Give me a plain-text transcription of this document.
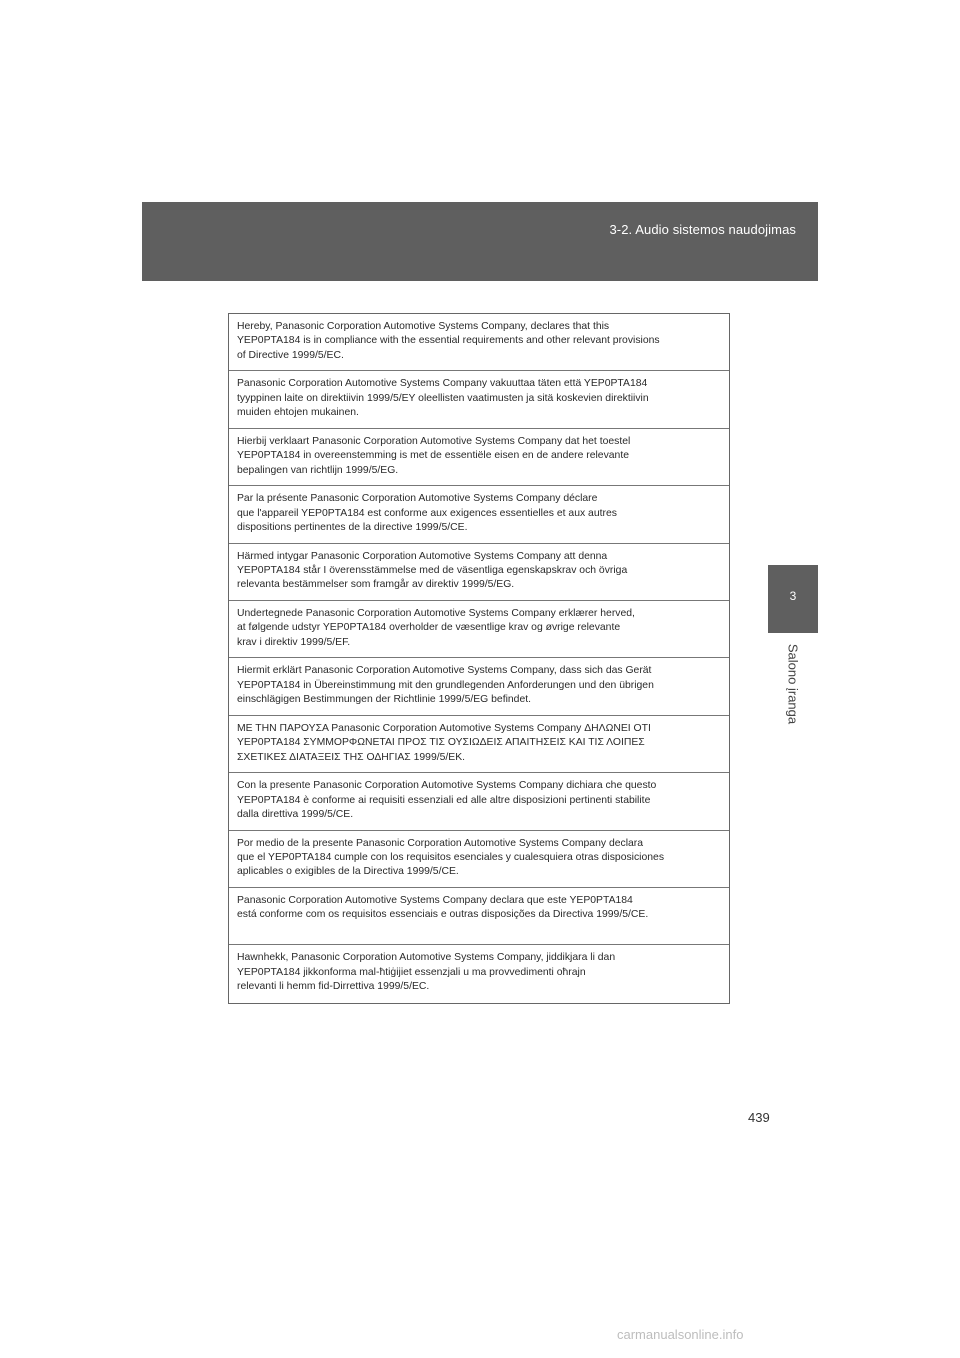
3-2. Audio sistemos naudojimas
3
Salono įranga
Hereby, Panasonic Corporation Automotive Systems Company, declares that this
YEP0PTA184 is in compliance with the essential requirements and other relevant provisions
of Directive 1999/5/EC.
Panasonic Corporation Automotive Systems Company vakuuttaa täten että YEP0PTA184
tyyppinen laite on direktiivin 1999/5/EY oleellisten vaatimusten ja sitä koskevien direktiivin
muiden ehtojen mukainen.
Hierbij verklaart Panasonic Corporation Automotive Systems Company dat het toestel
YEP0PTA184 in overeenstemming is met de essentiële eisen en de andere relevante
bepalingen van richtlijn 1999/5/EG.
Par la présente Panasonic Corporation Automotive Systems Company déclare
que l'appareil YEP0PTA184 est conforme aux exigences essentielles et aux autres
dispositions pertinentes de la directive 1999/5/CE.
Härmed intygar Panasonic Corporation Automotive Systems Company att denna
YEP0PTA184 står I överensstämmelse med de väsentliga egenskapskrav och övriga
relevanta bestämmelser som framgår av direktiv 1999/5/EG.
Undertegnede Panasonic Corporation Automotive Systems Company erklærer herved,
at følgende udstyr YEP0PTA184 overholder de væsentlige krav og øvrige relevante
krav i direktiv 1999/5/EF.
Hiermit erklärt Panasonic Corporation Automotive Systems Company, dass sich das Gerät
YEP0PTA184 in Übereinstimmung mit den grundlegenden Anforderungen und den übrigen
einschlägigen Bestimmungen der Richtlinie 1999/5/EG befindet.
ΜΕ ΤΗΝ ΠΑΡΟΥΣΑ Panasonic Corporation Automotive Systems Company ΔΗΛΩΝΕΙ ΟΤΙ
YEP0PTA184 ΣΥΜΜΟΡΦΩΝΕΤΑΙ ΠΡΟΣ ΤΙΣ ΟΥΣΙΩΔΕΙΣ ΑΠΑΙΤΗΣΕΙΣ ΚΑΙ ΤΙΣ ΛΟΙΠΕΣ
ΣΧΕΤΙΚΕΣ ΔΙΑΤΑΞΕΙΣ ΤΗΣ ΟΔΗΓΙΑΣ 1999/5/ΕΚ.
Con la presente Panasonic Corporation Automotive Systems Company dichiara che questo
YEP0PTA184 è conforme ai requisiti essenziali ed alle altre disposizioni pertinenti stabilite
dalla direttiva 1999/5/CE.
Por medio de la presente Panasonic Corporation Automotive Systems Company declara
que el YEP0PTA184 cumple con los requisitos esenciales y cualesquiera otras disposiciones
aplicables o exigibles de la Directiva 1999/5/CE.
Panasonic Corporation Automotive Systems Company declara que este YEP0PTA184
está conforme com os requisitos essenciais e outras disposições da Directiva 1999/5/CE.
Hawnhekk, Panasonic Corporation Automotive Systems Company, jiddikjara li dan
YEP0PTA184 jikkonforma mal-ħtiġijiet essenzjali u ma provvedimenti oħrajn
relevanti li hemm fid-Dirrettiva 1999/5/EC.
439
carmanualsonline.info
